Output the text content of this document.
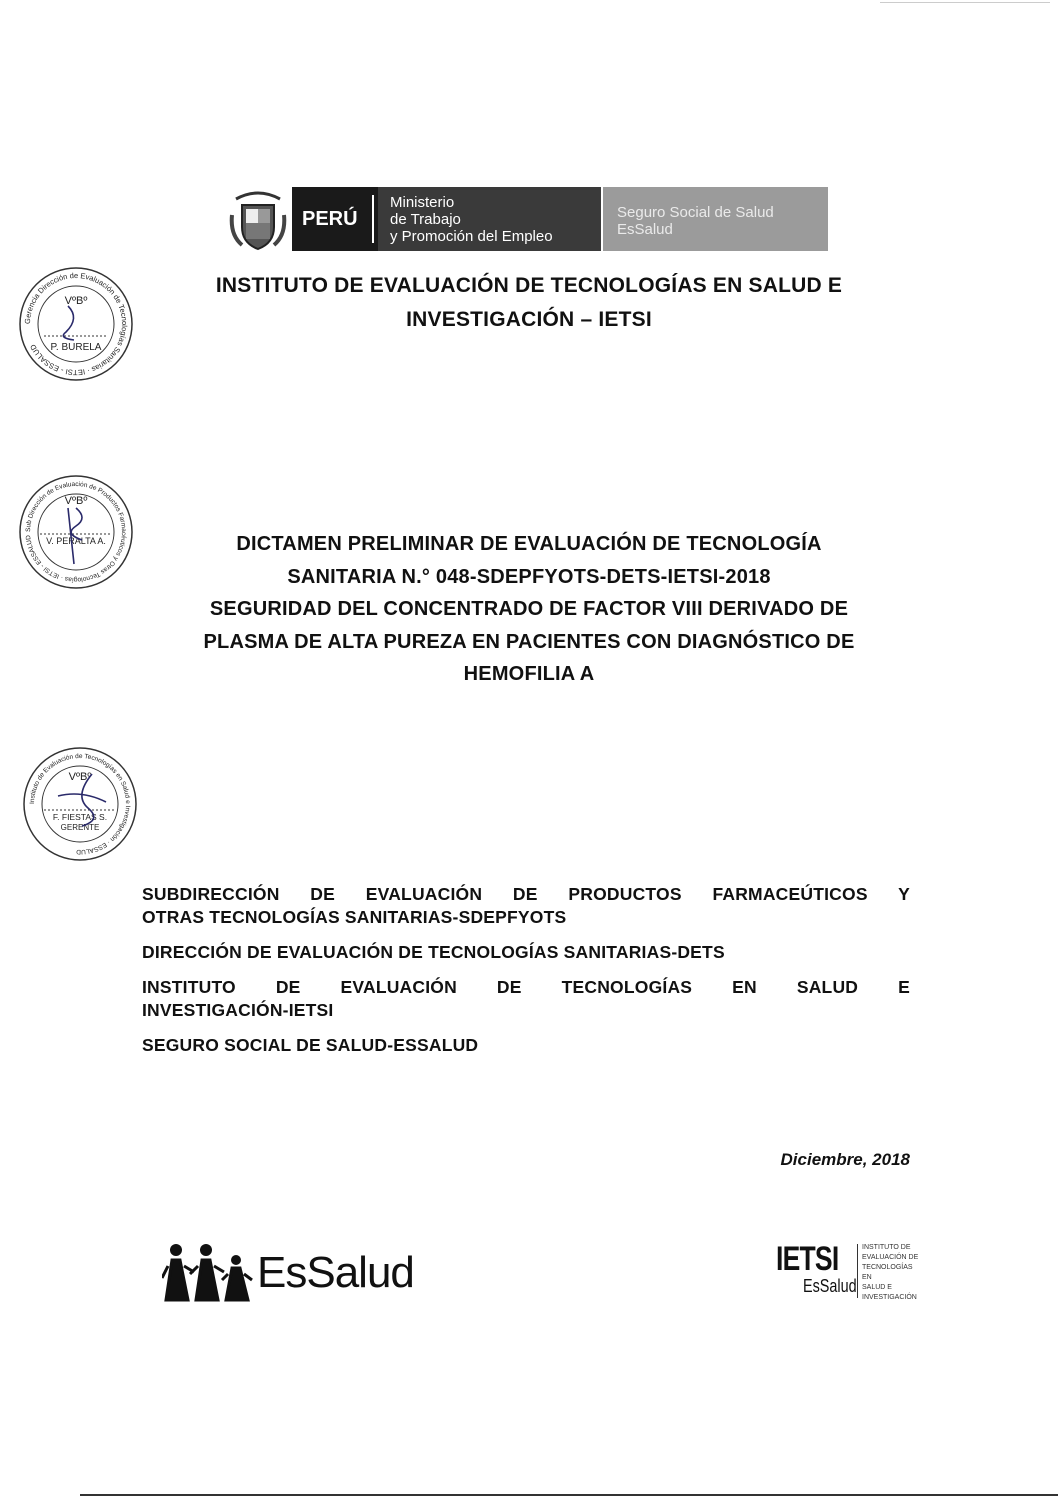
PERÚ
Ministerio
de Trabajo
y Promoción del Empleo
Seguro Social de Salud
EsSalud
INSTITUTO DE EVALUACIÓN DE TECNOLOGÍAS EN SALUD E
INVESTIGACIÓN – IETSI
Gerencia Dirección de Evaluación de Tecnologías Sanitarias · IETSI - ESSALUD
VºBº
P. BURELA
Sub Dirección de Evaluación de Productos Farmacéuticos y Otras Tecnologías · IETSI - ESSALUD
VºBº
V. PERALTA A.	DICTAMEN PRELIMINAR DE EVALUACIÓN DE TECNOLOGÍA
SANITARIA N.° 048-SDEPFYOTS-DETS-IETSI-2018
SEGURIDAD DEL CONCENTRADO DE FACTOR VIII DERIVADO DE
PLASMA DE ALTA PUREZA EN PACIENTES CON DIAGNÓSTICO DE
HEMOFILIA A
Instituto de Evaluación de Tecnologías en Salud e Investigación · ESSALUD
VºBº
F. FIESTAS S.
GERENTE
SUBDIRECCIÓN DE EVALUACIÓN DE PRODUCTOS FARMACEÚTICOS Y
OTRAS TECNOLOGÍAS SANITARIAS-SDEPFYOTS
DIRECCIÓN DE EVALUACIÓN DE TECNOLOGÍAS SANITARIAS-DETS
INSTITUTO DE EVALUACIÓN DE TECNOLOGÍAS EN SALUD E
INVESTIGACIÓN-IETSI
SEGURO SOCIAL DE SALUD-ESSALUD
Diciembre, 2018
EsSalud	IETSI
EsSalud
INSTITUTO DE
EVALUACIÓN DE
TECNOLOGÍAS EN
SALUD E
INVESTIGACIÓN
